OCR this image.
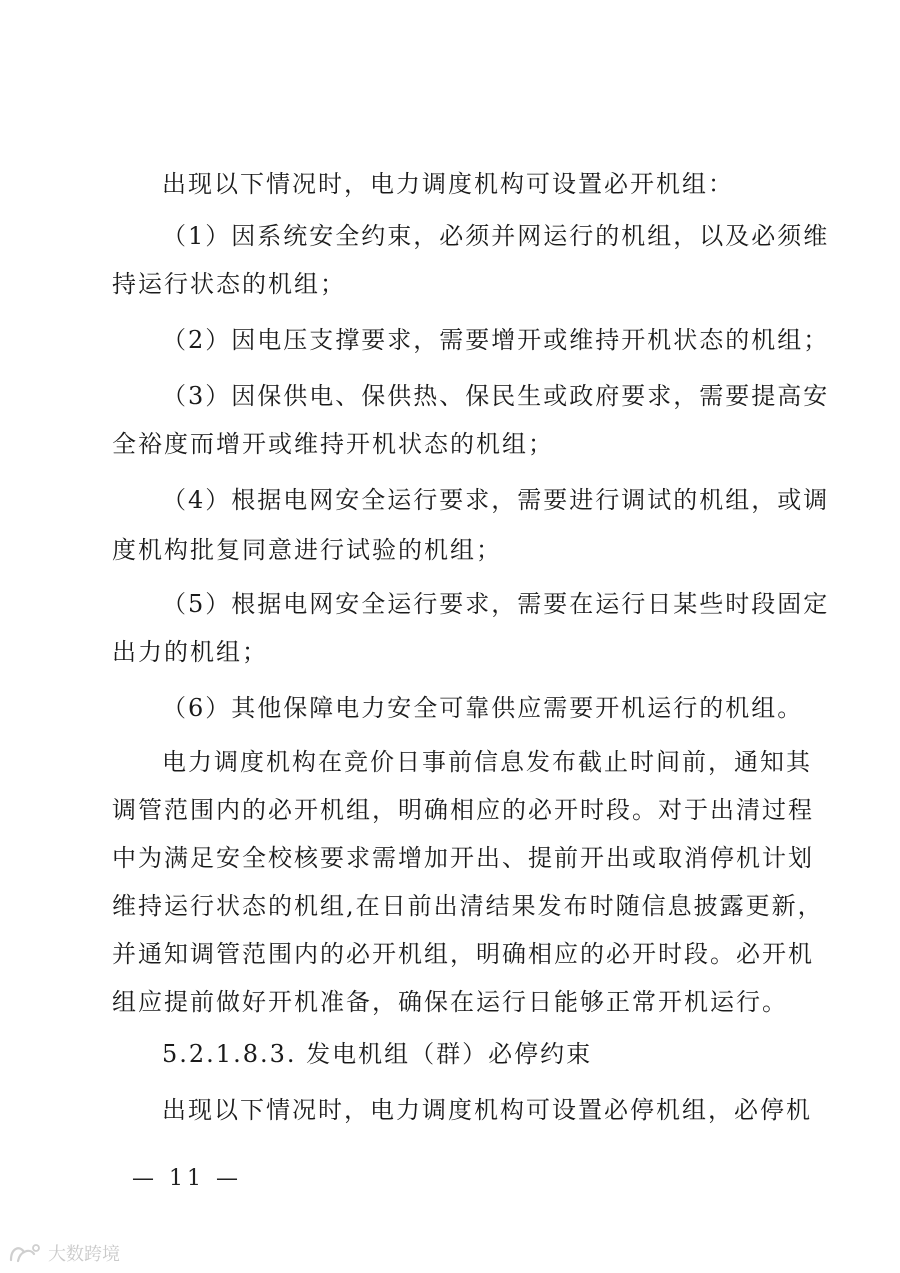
出现以下情况时，电力调度机构可设置必开机组：
（1）因系统安全约束，必须并网运行的机组，以及必须维
持运行状态的机组；
（2）因电压支撑要求，需要增开或维持开机状态的机组；
（3）因保供电、保供热、保民生或政府要求，需要提高安
全裕度而增开或维持开机状态的机组；
（4）根据电网安全运行要求，需要进行调试的机组，或调
度机构批复同意进行试验的机组；
（5）根据电网安全运行要求，需要在运行日某些时段固定
出力的机组；
（6）其他保障电力安全可靠供应需要开机运行的机组。
电力调度机构在竞价日事前信息发布截止时间前，通知其
调管范围内的必开机组，明确相应的必开时段。对于出清过程
中为满足安全校核要求需增加开出、提前开出或取消停机计划
维持运行状态的机组,在日前出清结果发布时随信息披露更新，
并通知调管范围内的必开机组，明确相应的必开时段。必开机
组应提前做好开机准备，确保在运行日能够正常开机运行。
5.2.1.8.3. 发电机组（群）必停约束
出现以下情况时，电力调度机构可设置必停机组，必停机
— 11 —
大数跨境
